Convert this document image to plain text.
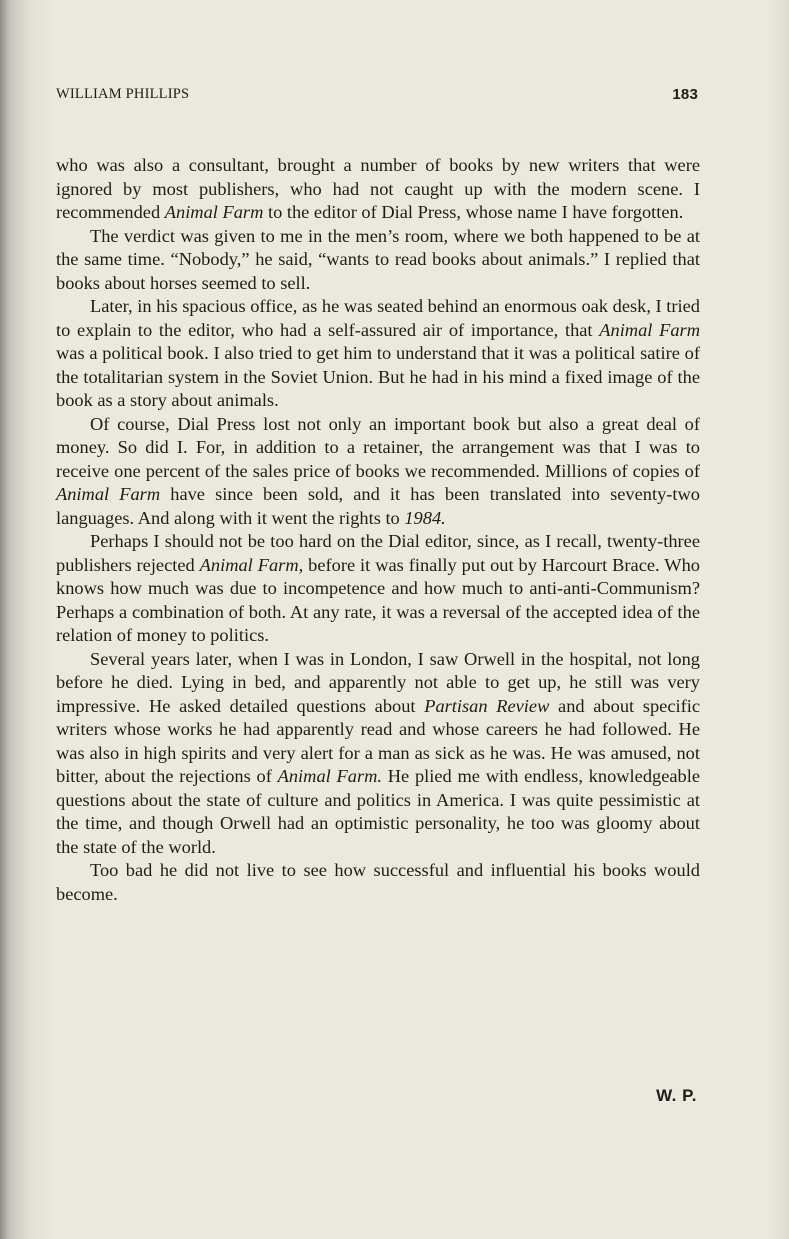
WILLIAM PHILLIPS	183

who was also a consultant, brought a number of books by new writers that were ignored by most publishers, who had not caught up with the modern scene. I recommended Animal Farm to the editor of Dial Press, whose name I have forgotten.

The verdict was given to me in the men’s room, where we both happened to be at the same time. “Nobody,” he said, “wants to read books about animals.” I replied that books about horses seemed to sell.

Later, in his spacious office, as he was seated behind an enormous oak desk, I tried to explain to the editor, who had a self-assured air of importance, that Animal Farm was a political book. I also tried to get him to understand that it was a political satire of the totalitarian system in the Soviet Union. But he had in his mind a fixed image of the book as a story about animals.

Of course, Dial Press lost not only an important book but also a great deal of money. So did I. For, in addition to a retainer, the arrangement was that I was to receive one percent of the sales price of books we recommended. Millions of copies of Animal Farm have since been sold, and it has been translated into seventy-two languages. And along with it went the rights to 1984.

Perhaps I should not be too hard on the Dial editor, since, as I recall, twenty-three publishers rejected Animal Farm, before it was finally put out by Harcourt Brace. Who knows how much was due to incompetence and how much to anti-anti-Communism? Perhaps a combination of both. At any rate, it was a reversal of the accepted idea of the relation of money to politics.

Several years later, when I was in London, I saw Orwell in the hospital, not long before he died. Lying in bed, and apparently not able to get up, he still was very impressive. He asked detailed questions about Partisan Review and about specific writers whose works he had apparently read and whose careers he had followed. He was also in high spirits and very alert for a man as sick as he was. He was amused, not bitter, about the rejections of Animal Farm. He plied me with endless, knowledgeable questions about the state of culture and politics in America. I was quite pessimistic at the time, and though Orwell had an optimistic personality, he too was gloomy about the state of the world.

Too bad he did not live to see how successful and influential his books would become.

W. P.
